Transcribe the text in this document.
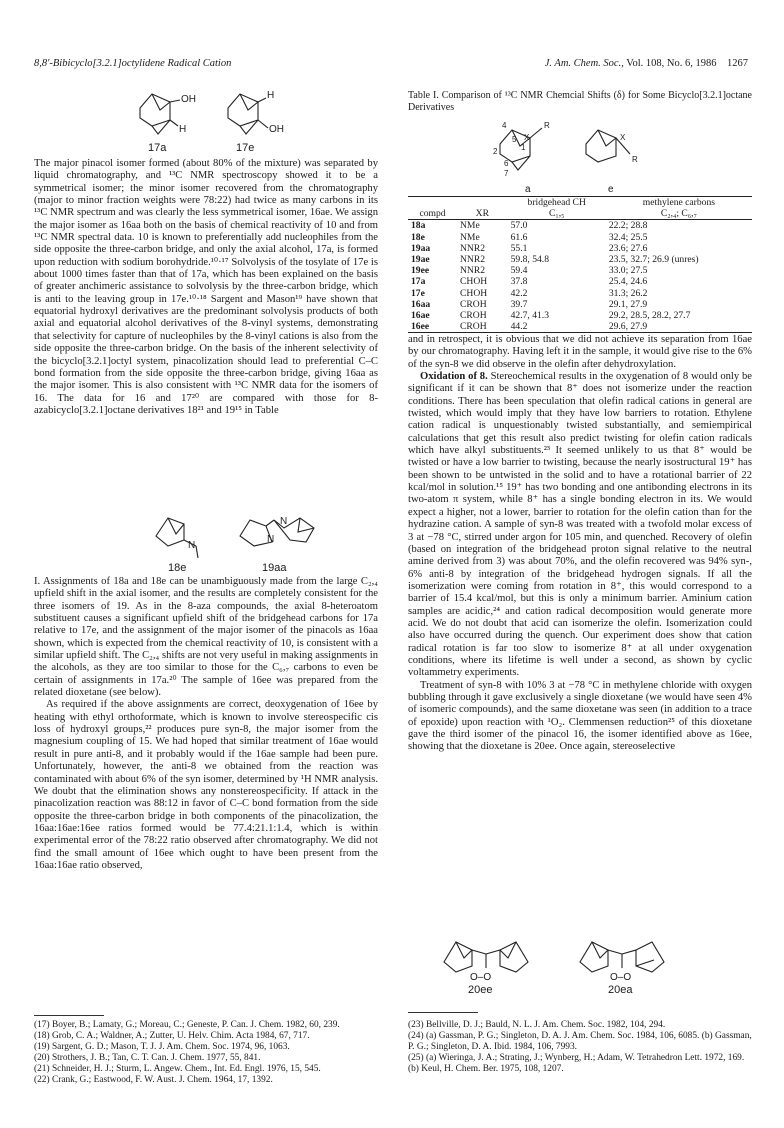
8,8'-Bibicyclo[3.2.1]octylidene Radical Cation	J. Am. Chem. Soc., Vol. 108, No. 6, 1986 1267
OH
H
H
OH
17a	17e

The major pinacol isomer formed (about 80% of the mixture) was separated by liquid chromatography, and ¹³C NMR spectroscopy showed it to be a symmetrical isomer; the minor isomer recovered from the chromatography (major to minor fraction weights were 78:22) had twice as many carbons in its ¹³C NMR spectrum and was clearly the less symmetrical isomer, 16ae. We assign the major isomer as 16aa both on the basis of chemical reactivity of 10 and from ¹³C NMR spectral data. 10 is known to preferentially add nucleophiles from the side opposite the three-carbon bridge, and only the axial alcohol, 17a, is formed upon reduction with sodium borohydride.¹⁰·¹⁷ Solvolysis of the tosylate of 17e is about 1000 times faster than that of 17a, which has been explained on the basis of greater anchimeric assistance to solvolysis by the three-carbon bridge, which is anti to the leaving group in 17e.¹⁰·¹⁸ Sargent and Mason¹⁹ have shown that equatorial hydroxyl derivatives are the predominant solvolysis products of both axial and equatorial alcohol derivatives of the 8-vinyl systems, demonstrating that selectivity for capture of nucleophiles by the 8-vinyl cations is also from the side opposite the three-carbon bridge. On the basis of the inherent selectivity of the bicyclo[3.2.1]octyl system, pinacolization should lead to preferential C–C bond formation from the side opposite the three-carbon bridge, giving 16aa as the major isomer. This is also consistent with ¹³C NMR data for the isomers of 16. The data for 16 and 17²⁰ are compared with those for 8-azabicyclo[3.2.1]octane derivatives 18²¹ and 19¹⁵ in Table

N
N
N
18e	19aa

I. Assignments of 18a and 18e can be unambiguously made from the large C₂,₄ upfield shift in the axial isomer, and the results are completely consistent for the three isomers of 19. As in the 8-aza compounds, the axial 8-heteroatom substituent causes a significant upfield shift of the bridgehead carbons for 17a relative to 17e, and the assignment of the major isomer of the pinacols as 16aa shown, which is expected from the chemical reactivity of 10, is consistent with a similar upfield shift. The C₂,₄ shifts are not very useful in making assignments in the alcohols, as they are too similar to those for the C₆,₇ carbons to even be certain of assignments in 17a.²⁰ The sample of 16ee was prepared from the related dioxetane (see below).

As required if the above assignments are correct, deoxygenation of 16ee by heating with ethyl orthoformate, which is known to involve stereospecific cis loss of hydroxyl groups,²² produces pure syn-8, the major isomer from the magnesium coupling of 15. We had hoped that similar treatment of 16ae would result in pure anti-8, and it probably would if the 16ae sample had been pure. Unfortunately, however, the anti-8 we obtained from the reaction was contaminated with about 6% of the syn isomer, determined by ¹H NMR analysis. We doubt that the elimination shows any nonstereospecificity. If attack in the pinacolization reaction was 88:12 in favor of C–C bond formation from the side opposite the three-carbon bridge in both components of the pinacolization, the 16aa:16ae:16ee ratios formed would be 77.4:21.1:1.4, which is within experimental error of the 78:22 ratio observed after chromatography. We did not find the small amount of 16ee which ought to have been present from the 16aa:16ae ratio observed,

(17) Boyer, B.; Lamaty, G.; Moreau, C.; Geneste, P. Can. J. Chem. 1982, 60, 239.
(18) Grob, C. A.; Waldner, A.; Zutter, U. Helv. Chim. Acta 1984, 67, 717.
(19) Sargent, G. D.; Mason, T. J. J. Am. Chem. Soc. 1974, 96, 1063.
(20) Strothers, J. B.; Tan, C. T. Can. J. Chem. 1977, 55, 841.
(21) Schneider, H. J.; Sturm, L. Angew. Chem., Int. Ed. Engl. 1976, 15, 545.
(22) Crank, G.; Eastwood, F. W. Aust. J. Chem. 1964, 17, 1392.
Table I. Comparison of ¹³C NMR Chemcial Shifts (δ) for Some Bicyclo[3.2.1]octane Derivatives
4
5
2
6
7
1
X
R
X
R
a	e
		bridgehead CH	methylene carbons
compd	XR	C₁,₅	C₂,₄; C₆,₇
18a	NMe	57.0	22.2; 28.8
18e	NMe	61.6	32.4; 25.5
19aa	NNR2	55.1	23.6; 27.6
19ae	NNR2	59.8, 54.8	23.5, 32.7; 26.9 (unres)
19ee	NNR2	59.4	33.0; 27.5
17a	CHOH	37.8	25.4, 24.6
17e	CHOH	42.2	31.3; 26.2
16aa	CROH	39.7	29.1, 27.9
16ae	CROH	42.7, 41.3	29.2, 28.5, 28.2, 27.7
16ee	CROH	44.2	29.6, 27.9

and in retrospect, it is obvious that we did not achieve its separation from 16ae by our chromatography. Having left it in the sample, it would give rise to the 6% of the syn-8 we did observe in the olefin after dehydroxylation.

Oxidation of 8. Stereochemical results in the oxygenation of 8 would only be significant if it can be shown that 8⁺ does not isomerize under the reaction conditions. There has been speculation that olefin radical cations in general are twisted, which would imply that they have low barriers to rotation. Ethylene cation radical is unquestionably twisted substantially, and semiempirical calculations that get this result also predict twisting for olefin cation radicals which have alkyl substituents.²³ It seemed unlikely to us that 8⁺ would be twisted or have a low barrier to twisting, because the nearly isostructural 19⁺ has been shown to be untwisted in the solid and to have a rotational barrier of 22 kcal/mol in solution.¹⁵ 19⁺ has two bonding and one antibonding electrons in its two-atom π system, while 8⁺ has a single bonding electron in its. We would expect a higher, not a lower, barrier to rotation for the olefin cation than for the hydrazine cation. A sample of syn-8 was treated with a twofold molar excess of 3 at −78 °C, stirred under argon for 105 min, and quenched. Recovery of olefin (based on integration of the bridgehead proton signal relative to the neutral amine derived from 3) was about 70%, and the olefin recovered was 94% syn-, 6% anti-8 by integration of the bridgehead hydrogen signals. If all the isomerization were coming from rotation in 8⁺, this would correspond to a barrier of 15.4 kcal/mol, but this is only a minimum barrier. Aminium cation samples are acidic,²⁴ and cation radical decomposition would generate more acid. We do not doubt that acid can isomerize the olefin. Isomerization could also have occurred during the quench. Our experiment does show that cation radical rotation is far too slow to isomerize 8⁺ at all under oxygenation conditions, where its lifetime is well under a second, as shown by cyclic voltammetry experiments.

Treatment of syn-8 with 10% 3 at −78 °C in methylene chloride with oxygen bubbling through it gave exclusively a single dioxetane (we would have seen 4% of isomeric compounds), and the same dioxetane was seen (in addition to a trace of epoxide) upon reaction with ¹O₂. Clemmensen reduction²⁵ of this dioxetane gave the third isomer of the pinacol 16, the isomer identified above as 16ee, showing that the dioxetane is 20ee. Once again, stereoselective

O–O
20ee
O–O
20ea
(23) Bellville, D. J.; Bauld, N. L. J. Am. Chem. Soc. 1982, 104, 294.
(24) (a) Gassman, P. G.; Singleton, D. A. J. Am. Chem. Soc. 1984, 106, 6085. (b) Gassman, P. G.; Singleton, D. A. Ibid. 1984, 106, 7993.
(25) (a) Wieringa, J. A.; Strating, J.; Wynberg, H.; Adam, W. Tetrahedron Lett. 1972, 169. (b) Keul, H. Chem. Ber. 1975, 108, 1207.
